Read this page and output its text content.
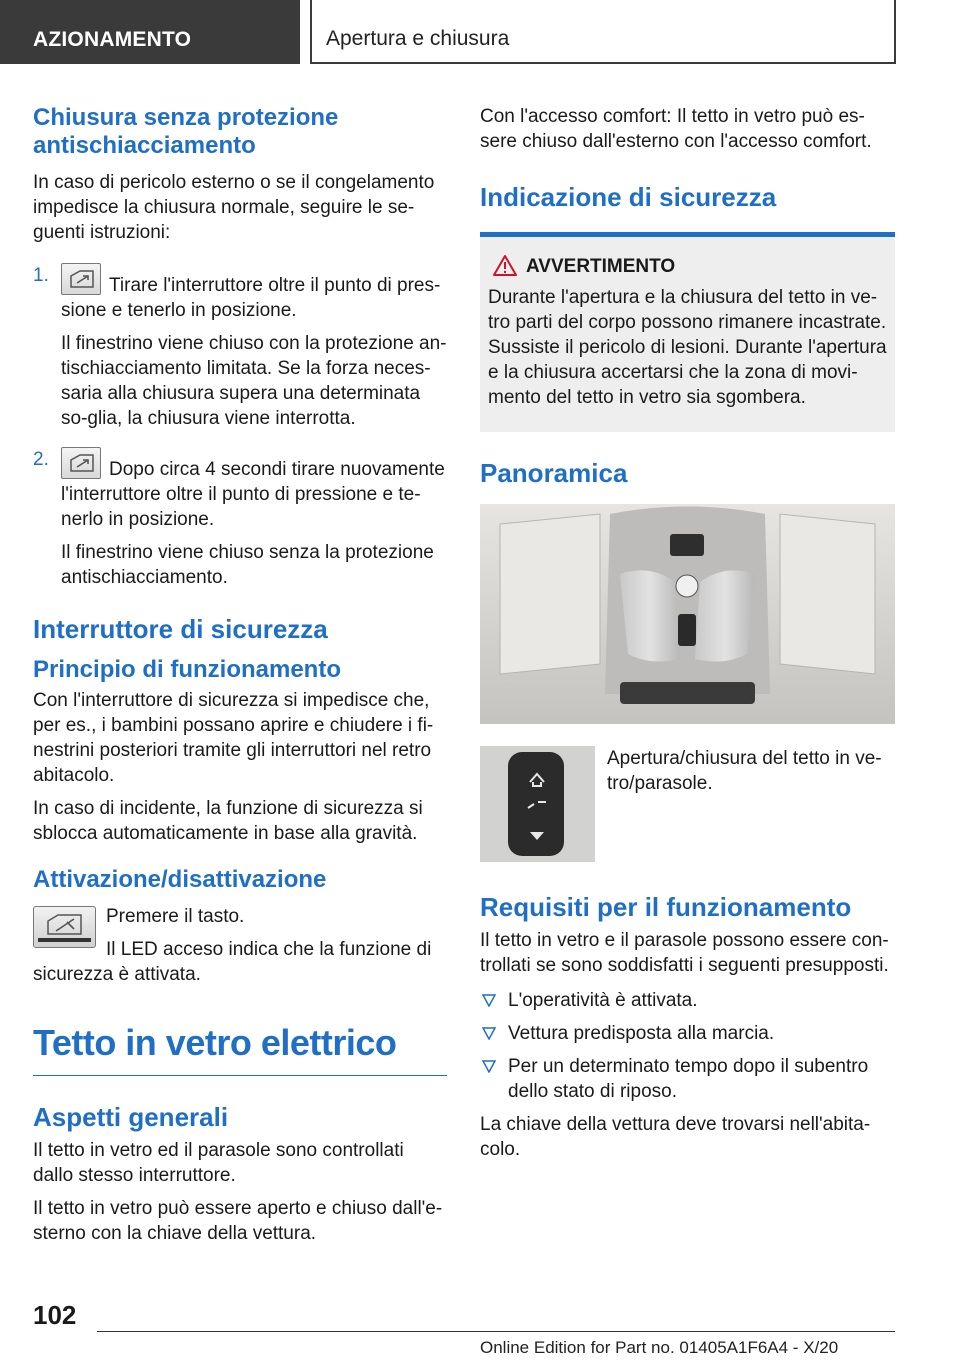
AZIONAMENTO	Apertura e chiusura
Chiusura senza protezione antischiacciamento
In caso di pericolo esterno o se il congelamento impedisce la chiusura normale, seguire le se-guenti istruzioni:
1.	Tirare l'interruttore oltre il punto di pres-sione e tenerlo in posizione.
Il finestrino viene chiuso con la protezione an-tischiacciamento limitata. Se la forza neces-saria alla chiusura supera una determinata so-glia, la chiusura viene interrotta.
2.	Dopo circa 4 secondi tirare nuovamente l'interruttore oltre il punto di pressione e te-nerlo in posizione.
Il finestrino viene chiuso senza la protezione antischiacciamento.
Interruttore di sicurezza
Principio di funzionamento
Con l'interruttore di sicurezza si impedisce che, per es., i bambini possano aprire e chiudere i fi-nestrini posteriori tramite gli interruttori nel retro abitacolo.
In caso di incidente, la funzione di sicurezza si sblocca automaticamente in base alla gravità.
Attivazione/disattivazione
Premere il tasto.
Il LED acceso indica che la funzione di sicurezza è attivata.
Tetto in vetro elettrico
Aspetti generali
Il tetto in vetro ed il parasole sono controllati dallo stesso interruttore.
Il tetto in vetro può essere aperto e chiuso dall'e-sterno con la chiave della vettura.
Con l'accesso comfort: Il tetto in vetro può es-sere chiuso dall'esterno con l'accesso comfort.
Indicazione di sicurezza
AVVERTIMENTO
Durante l'apertura e la chiusura del tetto in ve-tro parti del corpo possono rimanere incastrate. Sussiste il pericolo di lesioni. Durante l'apertura e la chiusura accertarsi che la zona di movi-mento del tetto in vetro sia sgombera.
Panoramica
Apertura/chiusura del tetto in ve-tro/parasole.
Requisiti per il funzionamento
Il tetto in vetro e il parasole possono essere con-trollati se sono soddisfatti i seguenti presupposti.
L'operatività è attivata.
Vettura predisposta alla marcia.
Per un determinato tempo dopo il subentro dello stato di riposo.
La chiave della vettura deve trovarsi nell'abita-colo.
102
Online Edition for Part no. 01405A1F6A4 - X/20
